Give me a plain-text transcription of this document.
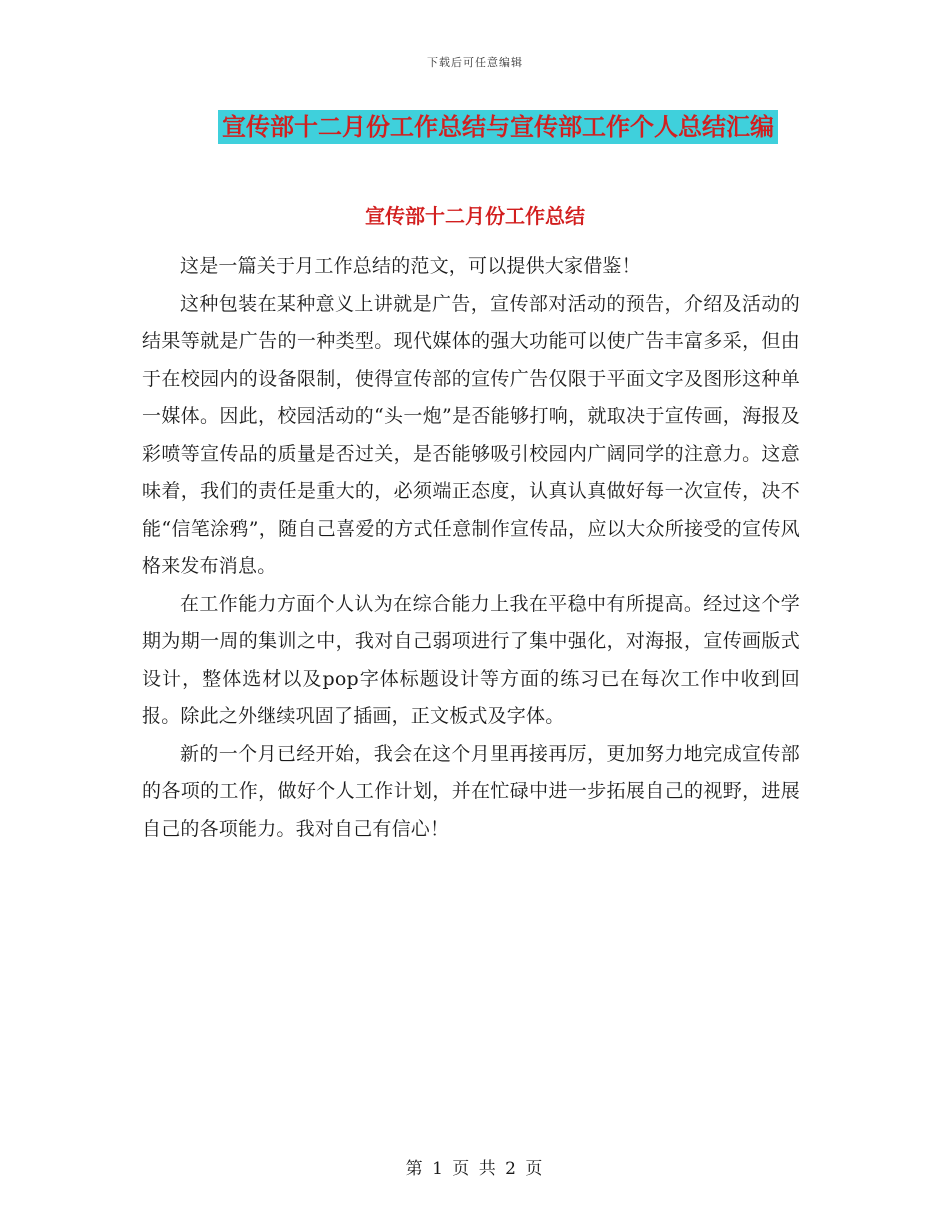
下载后可任意编辑
宣传部十二月份工作总结与宣传部工作个人总结汇编
宣传部十二月份工作总结

这是一篇关于月工作总结的范文，可以提供大家借鉴！

这种包装在某种意义上讲就是广告，宣传部对活动的预告，介绍及活动的结果等就是广告的一种类型。现代媒体的强大功能可以使广告丰富多采，但由于在校园内的设备限制，使得宣传部的宣传广告仅限于平面文字及图形这种单一媒体。因此，校园活动的“头一炮”是否能够打响，就取决于宣传画，海报及彩喷等宣传品的质量是否过关，是否能够吸引校园内广阔同学的注意力。这意味着，我们的责任是重大的，必须端正态度，认真认真做好每一次宣传，决不能“信笔涂鸦”，随自己喜爱的方式任意制作宣传品，应以大众所接受的宣传风格来发布消息。

在工作能力方面个人认为在综合能力上我在平稳中有所提高。经过这个学期为期一周的集训之中，我对自己弱项进行了集中强化，对海报，宣传画版式设计，整体选材以及pop字体标题设计等方面的练习已在每次工作中收到回报。除此之外继续巩固了插画，正文板式及字体。

新的一个月已经开始，我会在这个月里再接再厉，更加努力地完成宣传部的各项的工作，做好个人工作计划，并在忙碌中进一步拓展自己的视野，进展自己的各项能力。我对自己有信心！

第 1 页 共 2 页
